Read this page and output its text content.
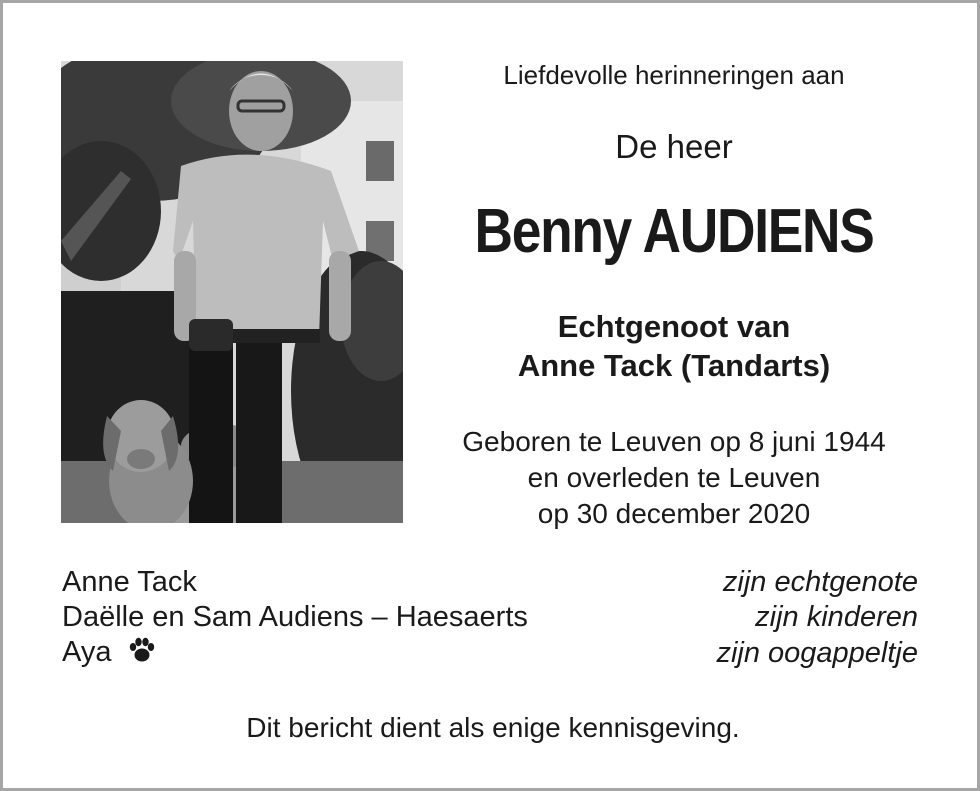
Liefdevolle herinneringen aan
De heer
Benny AUDIENS
Echtgenoot van
Anne Tack (Tandarts)
Geboren te Leuven op 8 juni 1944
en overleden te Leuven
op 30 december 2020
Anne Tack	zijn echtgenote
Daëlle en Sam Audiens – Haesaerts	zijn kinderen
Aya	zijn oogappeltje
Dit bericht dient als enige kennisgeving.
